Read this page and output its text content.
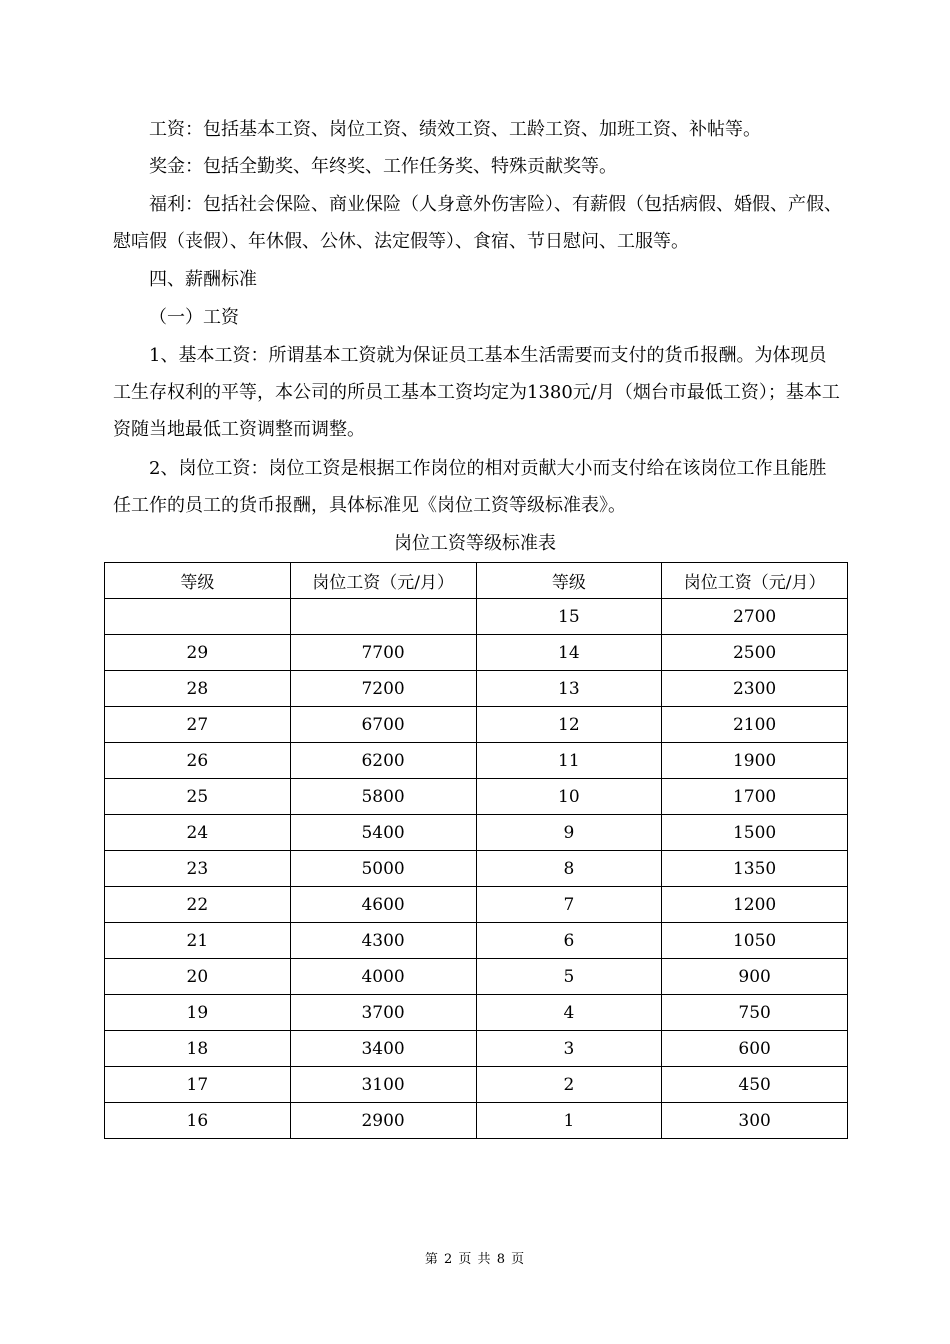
工资：包括基本工资、岗位工资、绩效工资、工龄工资、加班工资、补帖等。

奖金：包括全勤奖、年终奖、工作任务奖、特殊贡献奖等。

福利：包括社会保险、商业保险（人身意外伤害险）、有薪假（包括病假、婚假、产假、慰唁假（丧假）、年休假、公休、法定假等）、食宿、节日慰问、工服等。

四、薪酬标准

（一）工资

1、基本工资：所谓基本工资就为保证员工基本生活需要而支付的货币报酬。为体现员工生存权利的平等，本公司的所员工基本工资均定为1380元/月（烟台市最低工资）；基本工资随当地最低工资调整而调整。

2、岗位工资：岗位工资是根据工作岗位的相对贡献大小而支付给在该岗位工作且能胜任工作的员工的货币报酬，具体标准见《岗位工资等级标准表》。

岗位工资等级标准表
等级	岗位工资（元/月）	等级	岗位工资（元/月）
		15	2700
29	7700	14	2500
28	7200	13	2300
27	6700	12	2100
26	6200	11	1900
25	5800	10	1700
24	5400	9	1500
23	5000	8	1350
22	4600	7	1200
21	4300	6	1050
20	4000	5	900
19	3700	4	750
18	3400	3	600
17	3100	2	450
16	2900	1	300
第 2 页 共 8 页
